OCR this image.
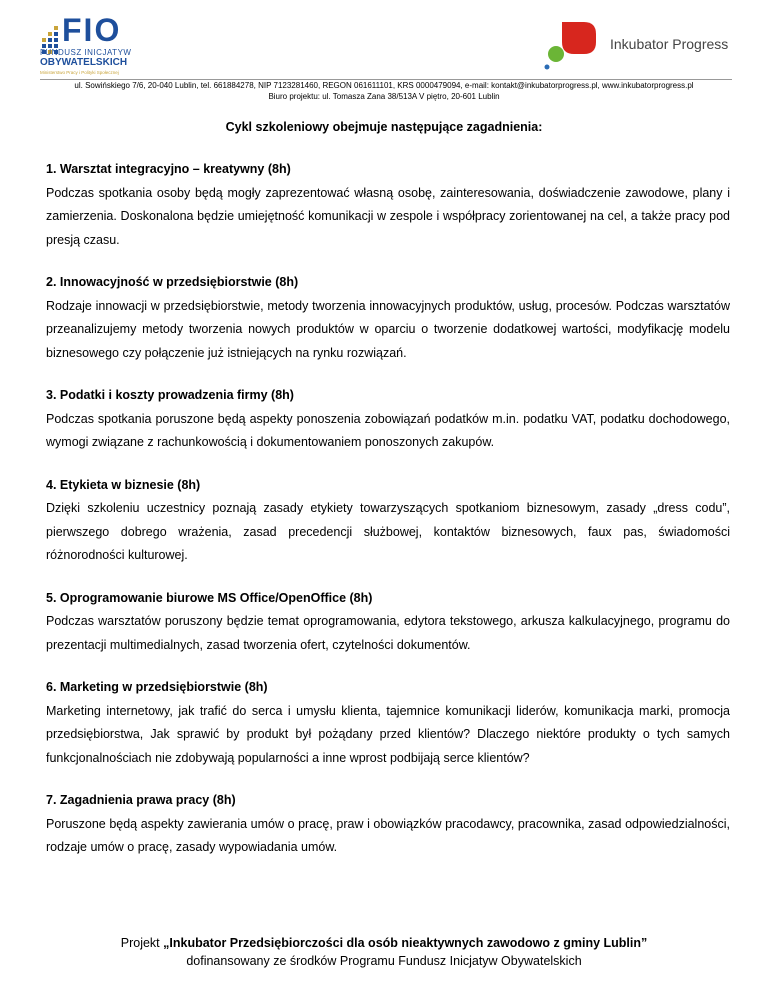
FIO
FUNDUSZ INICJATYW
OBYWATELSKICH
Ministerstwo Pracy i Polityki Społecznej
Inkubator Progress
ul. Sowińskiego 7/6, 20-040 Lublin, tel. 661884278, NIP 7123281460, REGON 061611101, KRS 0000479094, e-mail: kontakt@inkubatorprogress.pl, www.inkubatorprogress.pl
Biuro projektu: ul. Tomasza Zana 38/513A V piętro, 20-601 Lublin
Cykl szkoleniowy obejmuje następujące zagadnienia:
1. Warsztat integracyjno – kreatywny (8h)

Podczas spotkania osoby będą mogły zaprezentować własną osobę, zainteresowania, doświadczenie zawodowe, plany i zamierzenia. Doskonalona będzie umiejętność komunikacji w zespole i współpracy zorientowanej na cel, a także pracy pod presją czasu.

2. Innowacyjność w przedsiębiorstwie (8h)

Rodzaje innowacji w przedsiębiorstwie, metody tworzenia innowacyjnych produktów, usług, procesów. Podczas warsztatów przeanalizujemy metody tworzenia nowych produktów w oparciu o tworzenie dodatkowej wartości, modyfikację modelu biznesowego czy połączenie już istniejących na rynku rozwiązań.

3. Podatki i koszty prowadzenia firmy (8h)

Podczas spotkania poruszone będą aspekty ponoszenia zobowiązań podatków m.in. podatku VAT, podatku dochodowego, wymogi związane z rachunkowością i dokumentowaniem ponoszonych zakupów.

4. Etykieta w biznesie (8h)

Dzięki szkoleniu uczestnicy poznają zasady etykiety towarzyszących spotkaniom biznesowym, zasady „dress codu”, pierwszego dobrego wrażenia, zasad precedencji służbowej, kontaktów biznesowych, faux pas, świadomości różnorodności kulturowej.

5. Oprogramowanie biurowe MS Office/OpenOffice (8h)

Podczas warsztatów poruszony będzie temat oprogramowania, edytora tekstowego, arkusza kalkulacyjnego, programu do prezentacji multimedialnych, zasad tworzenia ofert, czytelności dokumentów.

6. Marketing w przedsiębiorstwie (8h)

Marketing internetowy, jak trafić do serca i umysłu klienta, tajemnice komunikacji liderów, komunikacja marki, promocja przedsiębiorstwa, Jak sprawić by produkt był pożądany przed klientów? Dlaczego niektóre produkty o tych samych funkcjonalnościach nie zdobywają popularności a inne wprost podbijają serce klientów?

7. Zagadnienia prawa pracy (8h)

Poruszone będą aspekty zawierania umów o pracę, praw i obowiązków pracodawcy, pracownika, zasad odpowiedzialności, rodzaje umów o pracę, zasady wypowiadania umów.

Projekt „Inkubator Przedsiębiorczości dla osób nieaktywnych zawodowo z gminy Lublin”
dofinansowany ze środków Programu Fundusz Inicjatyw Obywatelskich
